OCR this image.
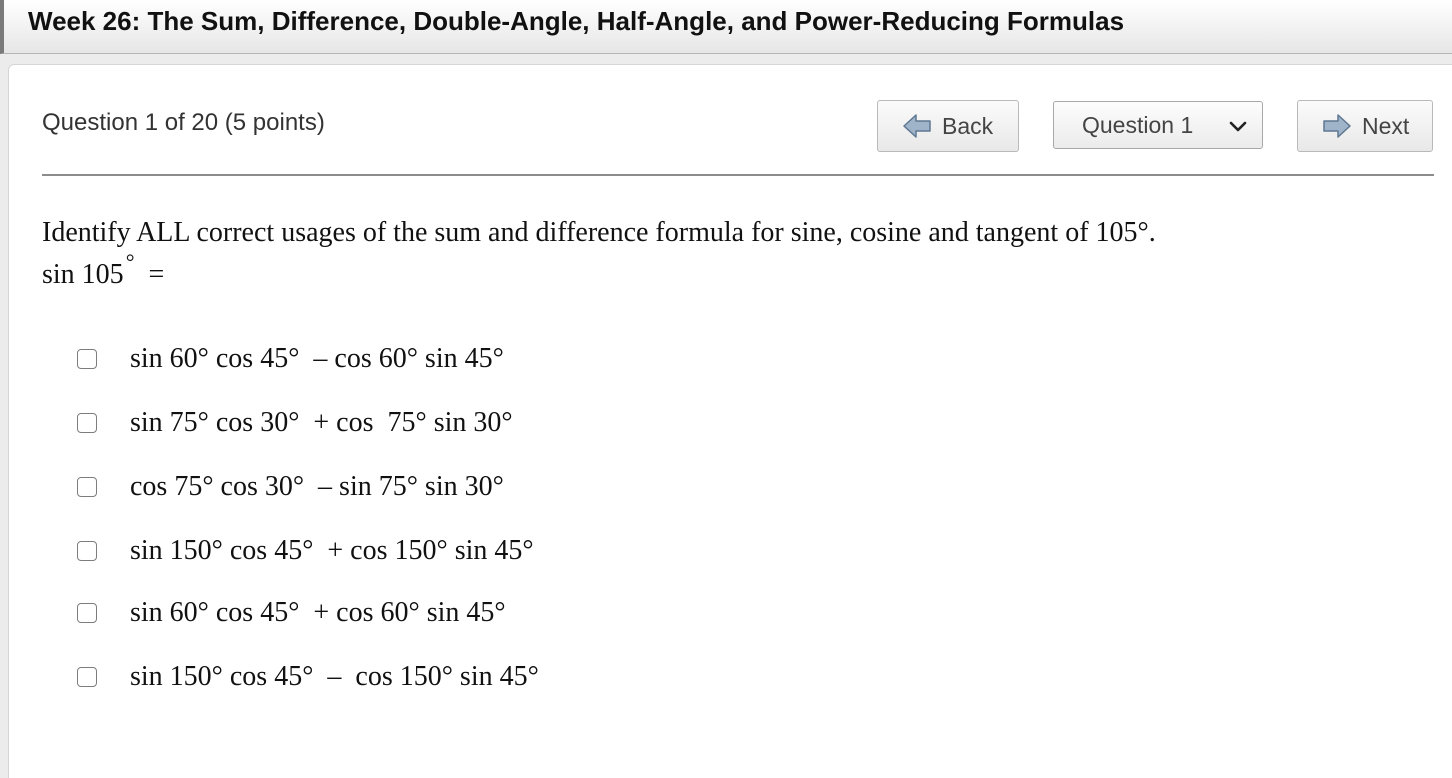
Week 26: The Sum, Difference, Double-Angle, Half-Angle, and Power-Reducing Formulas
Question 1 of 20 (5 points)	Back	Question 1	Next
Identify ALL correct usages of the sum and difference formula for sine, cosine and tangent of 105°.
sin 105° =
sin 60° cos 45°  – cos 60° sin 45°
sin 75° cos 30°  + cos  75° sin 30°
cos 75° cos 30°  – sin 75° sin 30°
sin 150° cos 45°  + cos 150° sin 45°
sin 60° cos 45°  + cos 60° sin 45°
sin 150° cos 45°  –  cos 150° sin 45°
